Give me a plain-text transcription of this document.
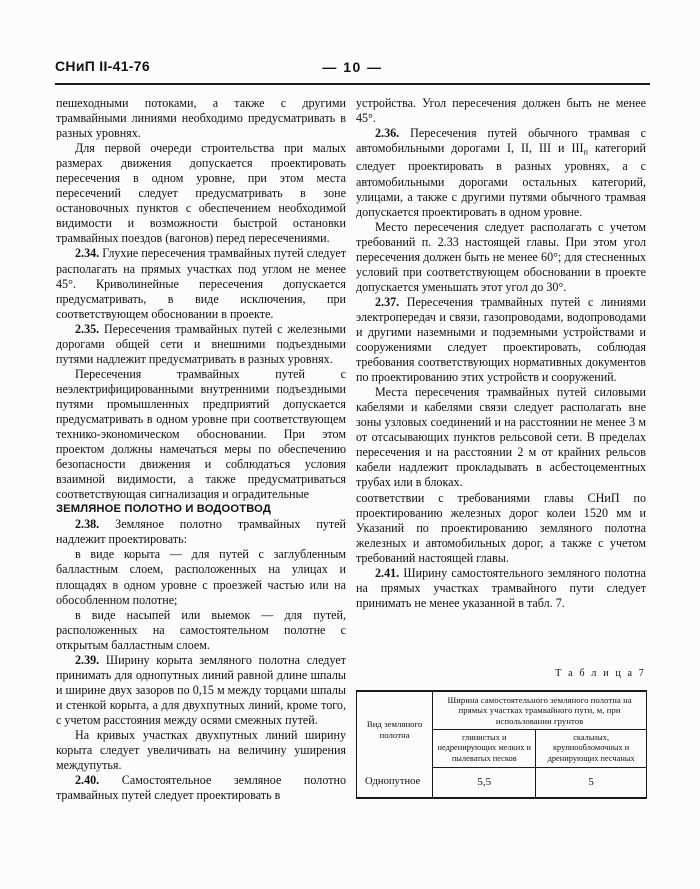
СНиП II-41-76	— 10 —

пешеходными потоками, а также с другими трамвайными линиями необходимо предусматривать в разных уровнях.

Для первой очереди строительства при малых размерах движения допускается проектировать пересечения в одном уровне, при этом места пересечений следует предусматривать в зоне остановочных пунктов с обеспечением необходимой видимости и возможности быстрой остановки трамвайных поездов (вагонов) перед пересечениями.

2.34. Глухие пересечения трамвайных путей следует располагать на прямых участках под углом не менее 45°. Криволинейные пересечения допускается предусматривать, в виде исключения, при соответствующем обосновании в проекте.

2.35. Пересечения трамвайных путей с железными дорогами общей сети и внешними подъездными путями надлежит предусматривать в разных уровнях.

Пересечения трамвайных путей с неэлектрифицированными внутренними подъездными путями промышленных предприятий допускается предусматривать в одном уровне при соответствующем технико-экономическом обосновании. При этом проектом должны намечаться меры по обеспечению безопасности движения и соблюдаться условия взаимной видимости, а также предусматриваться соответствующая сигнализация и оградительные

ЗЕМЛЯНОЕ ПОЛОТНО И ВОДООТВОД

2.38. Земляное полотно трамвайных путей надлежит проектировать:

в виде корыта — для путей с заглубленным балластным слоем, расположенных на улицах и площадях в одном уровне с проезжей частью или на обособленном полотне;

в виде насыпей или выемок — для путей, расположенных на самостоятельном полотне с открытым балластным слоем.

2.39. Ширину корыта земляного полотна следует принимать для однопутных линий равной длине шпалы и ширине двух зазоров по 0,15 м между торцами шпалы и стенкой корыта, а для двухпутных линий, кроме того, с учетом расстояния между осями смежных путей.

На кривых участках двухпутных линий ширину корыта следует увеличивать на величину уширения междупутья.

2.40. Самостоятельное земляное полотно трамвайных путей следует проектировать в

устройства. Угол пересечения должен быть не менее 45°.

2.36. Пересечения путей обычного трамвая с автомобильными дорогами I, II, III и $III_п$ категорий следует проектировать в разных уровнях, а с автомобильными дорогами остальных категорий, улицами, а также с другими путями обычного трамвая допускается проектировать в одном уровне.

Место пересечения следует располагать с учетом требований п. 2.33 настоящей главы. При этом угол пересечения должен быть не менее 60°; для стесненных условий при соответствующем обосновании в проекте допускается уменьшать этот угол до 30°.

2.37. Пересечения трамвайных путей с линиями электропередач и связи, газопроводами, водопроводами и другими наземными и подземными устройствами и сооружениями следует проектировать, соблюдая требования соответствующих нормативных документов по проектированию этих устройств и сооружений.

Места пересечения трамвайных путей силовыми кабелями и кабелями связи следует располагать вне зоны узловых соединений и на расстоянии не менее 3 м от отсасывающих пунктов рельсовой сети. В пределах пересечения и на расстоянии 2 м от крайних рельсов кабели надлежит прокладывать в асбестоцементных трубах или в блоках.

соответствии с требованиями главы СНиП по проектированию железных дорог колеи 1520 мм и Указаний по проектированию земляного полотна железных и автомобильных дорог, а также с учетом требований настоящей главы.

2.41. Ширину самостоятельного земляного полотна на прямых участках трамвайного пути следует принимать не менее указанной в табл. 7.

Т а б л и ц а 7
Вид земляного полотна	Ширина самостоятельного земляного полотна на прямых участках трамвайного пути, м, при использовании грунтов	
	глинистых и недренирующих мелких и пылеватых песков	скальных, крупнообломочных и дренирующих песчаных
Однопутное	5,5	5
